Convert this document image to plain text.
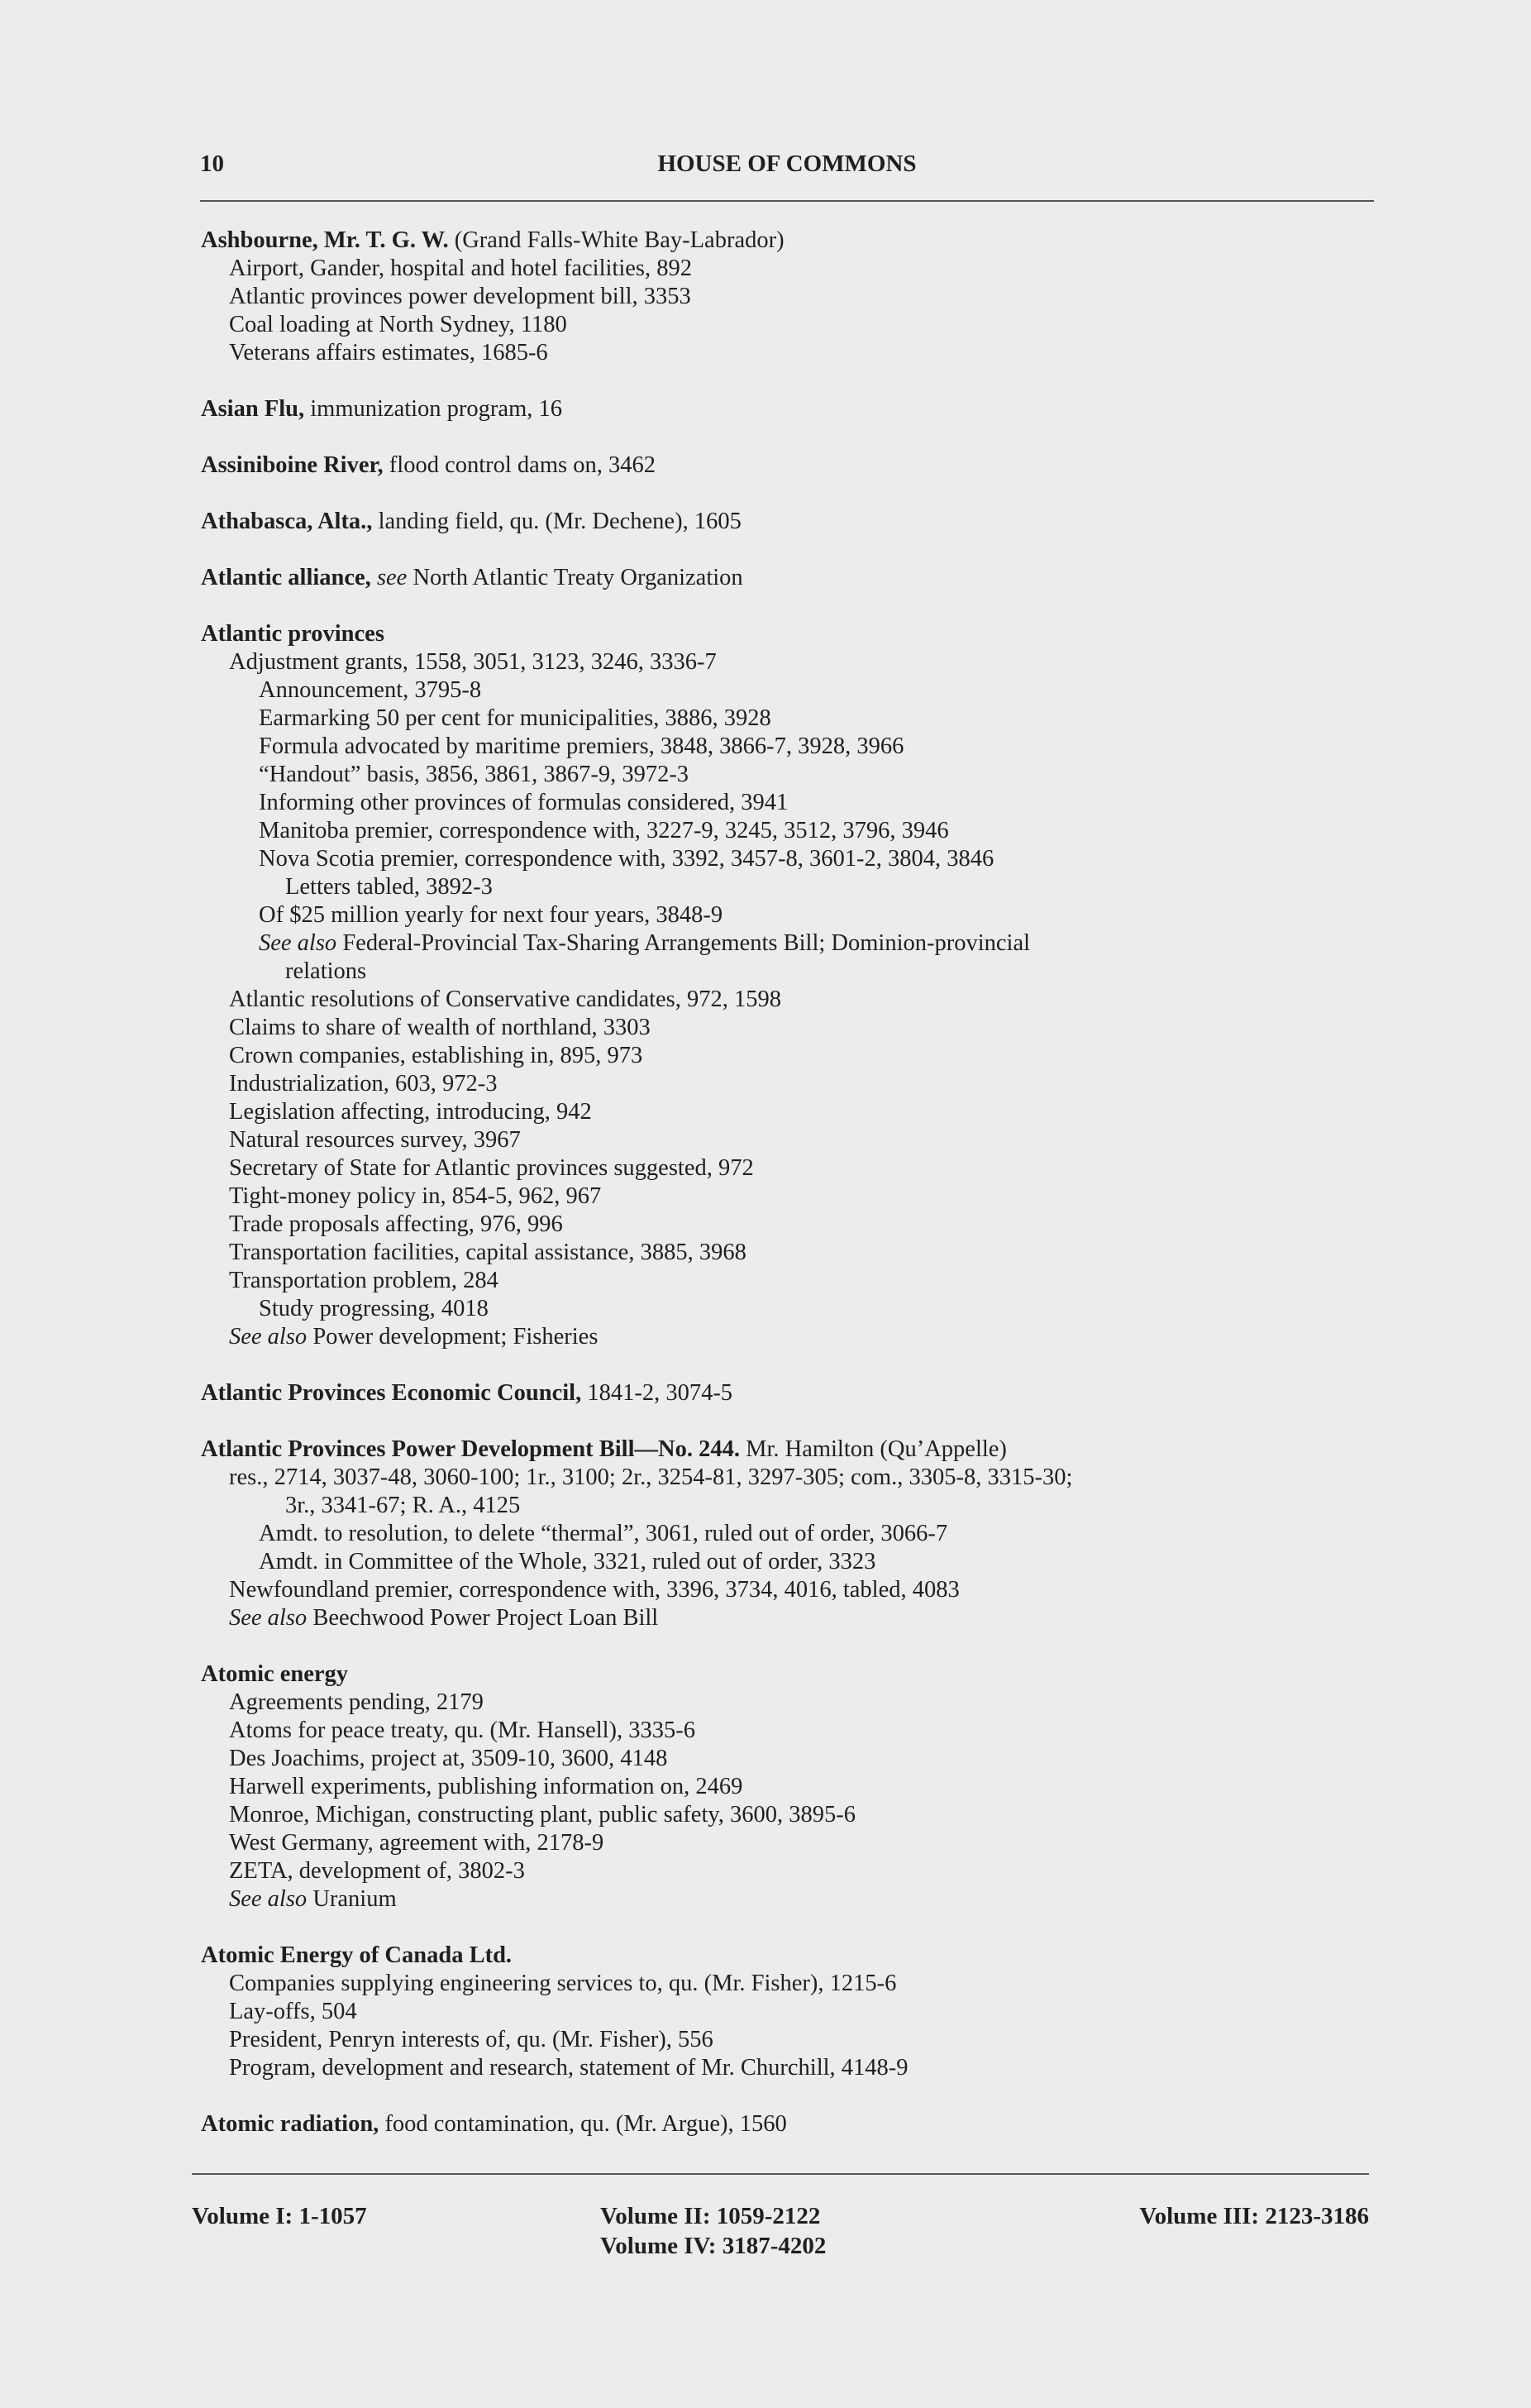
10	HOUSE OF COMMONS
Ashbourne, Mr. T. G. W. (Grand Falls-White Bay-Labrador)
Airport, Gander, hospital and hotel facilities, 892
Atlantic provinces power development bill, 3353
Coal loading at North Sydney, 1180
Veterans affairs estimates, 1685-6
Asian Flu, immunization program, 16
Assiniboine River, flood control dams on, 3462
Athabasca, Alta., landing field, qu. (Mr. Dechene), 1605
Atlantic alliance, see North Atlantic Treaty Organization
Atlantic provinces
Adjustment grants, 1558, 3051, 3123, 3246, 3336-7
Announcement, 3795-8
Earmarking 50 per cent for municipalities, 3886, 3928
Formula advocated by maritime premiers, 3848, 3866-7, 3928, 3966
“Handout” basis, 3856, 3861, 3867-9, 3972-3
Informing other provinces of formulas considered, 3941
Manitoba premier, correspondence with, 3227-9, 3245, 3512, 3796, 3946
Nova Scotia premier, correspondence with, 3392, 3457-8, 3601-2, 3804, 3846
Letters tabled, 3892-3
Of $25 million yearly for next four years, 3848-9
See also Federal-Provincial Tax-Sharing Arrangements Bill; Dominion-provincial
relations
Atlantic resolutions of Conservative candidates, 972, 1598
Claims to share of wealth of northland, 3303
Crown companies, establishing in, 895, 973
Industrialization, 603, 972-3
Legislation affecting, introducing, 942
Natural resources survey, 3967
Secretary of State for Atlantic provinces suggested, 972
Tight-money policy in, 854-5, 962, 967
Trade proposals affecting, 976, 996
Transportation facilities, capital assistance, 3885, 3968
Transportation problem, 284
Study progressing, 4018
See also Power development; Fisheries
Atlantic Provinces Economic Council, 1841-2, 3074-5
Atlantic Provinces Power Development Bill—No. 244. Mr. Hamilton (Qu’Appelle)
res., 2714, 3037-48, 3060-100; 1r., 3100; 2r., 3254-81, 3297-305; com., 3305-8, 3315-30;
3r., 3341-67; R. A., 4125
Amdt. to resolution, to delete “thermal”, 3061, ruled out of order, 3066-7
Amdt. in Committee of the Whole, 3321, ruled out of order, 3323
Newfoundland premier, correspondence with, 3396, 3734, 4016, tabled, 4083
See also Beechwood Power Project Loan Bill
Atomic energy
Agreements pending, 2179
Atoms for peace treaty, qu. (Mr. Hansell), 3335-6
Des Joachims, project at, 3509-10, 3600, 4148
Harwell experiments, publishing information on, 2469
Monroe, Michigan, constructing plant, public safety, 3600, 3895-6
West Germany, agreement with, 2178-9
ZETA, development of, 3802-3
See also Uranium
Atomic Energy of Canada Ltd.
Companies supplying engineering services to, qu. (Mr. Fisher), 1215-6
Lay-offs, 504
President, Penryn interests of, qu. (Mr. Fisher), 556
Program, development and research, statement of Mr. Churchill, 4148-9
Atomic radiation, food contamination, qu. (Mr. Argue), 1560
Volume I: 1-1057	Volume II: 1059-2122
Volume IV: 3187-4202
Volume III: 2123-3186
